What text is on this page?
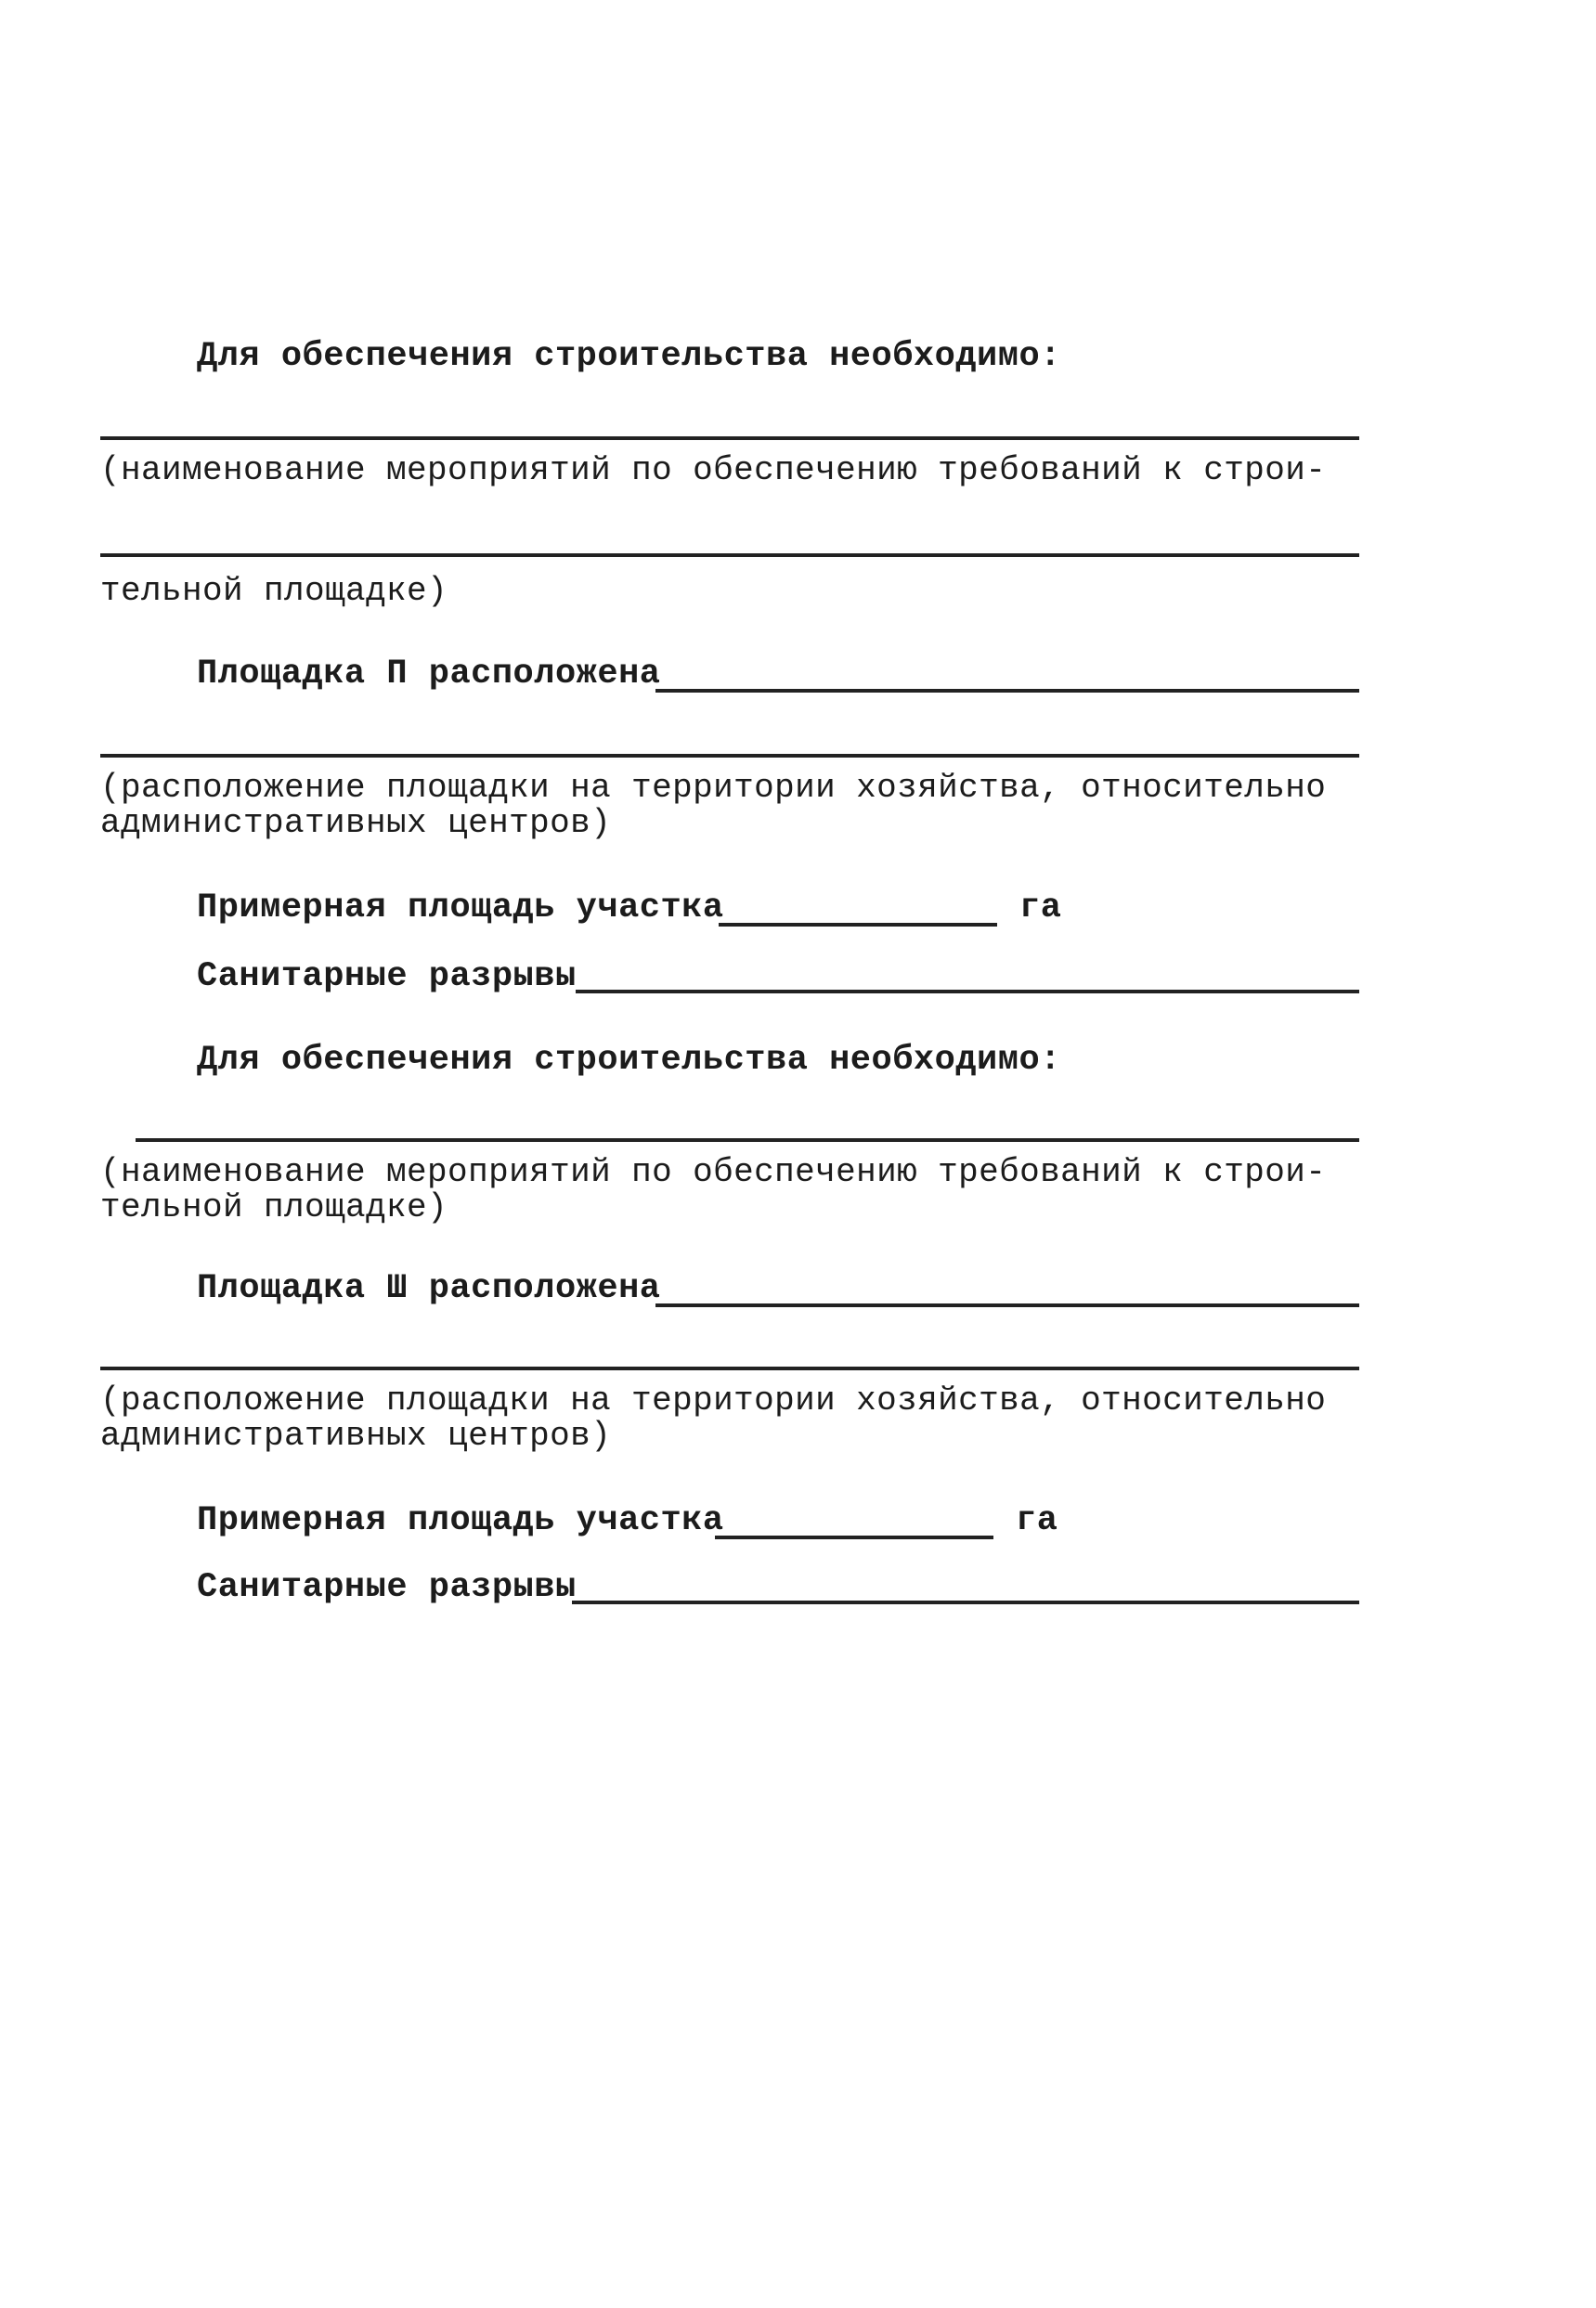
Для обеспечения строительства необходимо:
(наименование мероприятий по обеспечению требований к строи-
тельной площадке)
Площадка П расположена
(расположение площадки на территории хозяйства, относительно
административных центров)
Примерная площадь участка	га
Санитарные разрывы
Для обеспечения строительства необходимо:
(наименование мероприятий по обеспечению требований к строи-
тельной площадке)
Площадка Ш расположена
(расположение площадки на территории хозяйства, относительно
административных центров)
Примерная площадь участка	га
Санитарные разрывы
